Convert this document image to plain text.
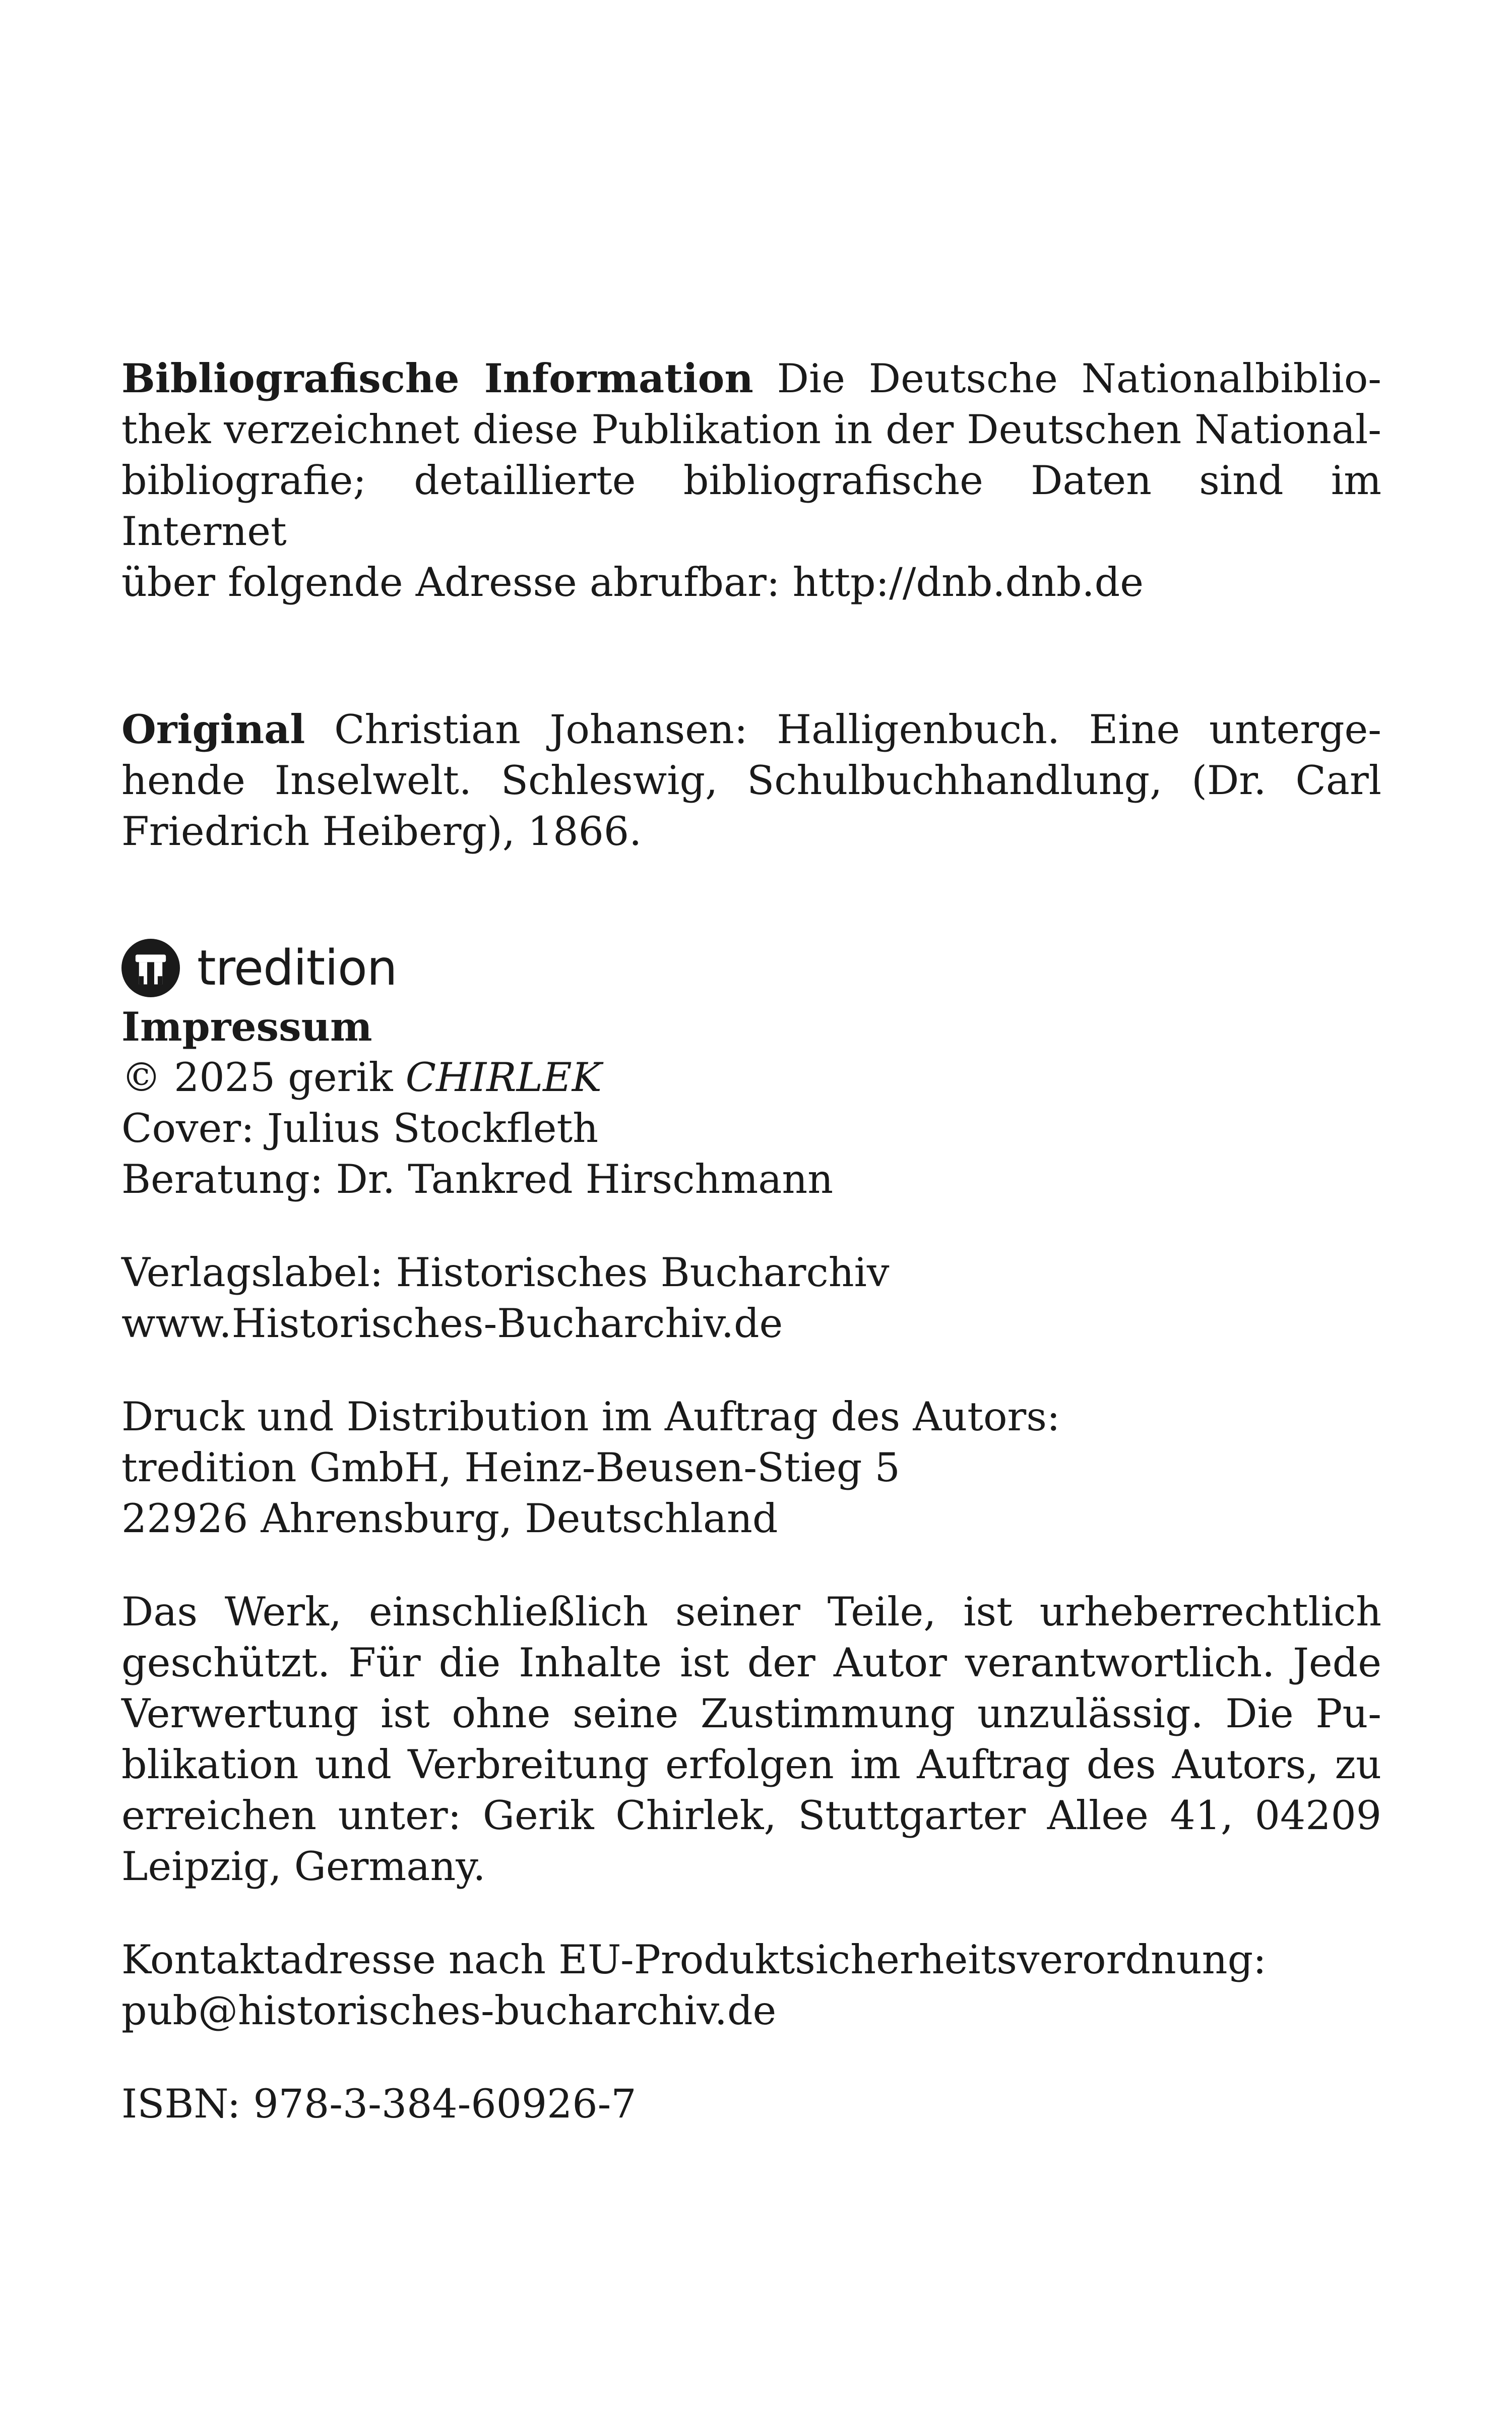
Bibliografische Information Die Deutsche Nationalbiblio-
thek verzeichnet diese Publikation in der Deutschen National-
bibliografie; detaillierte bibliografische Daten sind im Internet
über folgende Adresse abrufbar: http://dnb.dnb.de
Original Christian Johansen: Halligenbuch. Eine unterge-
hende Inselwelt. Schleswig, Schulbuchhandlung, (Dr. Carl
Friedrich Heiberg), 1866.
tredition
Impressum
© 2025 gerik CHIRLEK
Cover: Julius Stockfleth
Beratung: Dr. Tankred Hirschmann
Verlagslabel: Historisches Bucharchiv
www.Historisches-Bucharchiv.de
Druck und Distribution im Auftrag des Autors:
tredition GmbH, Heinz-Beusen-Stieg 5
22926 Ahrensburg, Deutschland
Das Werk, einschließlich seiner Teile, ist urheberrechtlich
geschützt. Für die Inhalte ist der Autor verantwortlich. Jede
Verwertung ist ohne seine Zustimmung unzulässig. Die Pu-
blikation und Verbreitung erfolgen im Auftrag des Autors, zu
erreichen unter: Gerik Chirlek, Stuttgarter Allee 41, 04209
Leipzig, Germany.
Kontaktadresse nach EU-Produktsicherheitsverordnung:
pub@historisches-bucharchiv.de
ISBN: 978-3-384-60926-7
